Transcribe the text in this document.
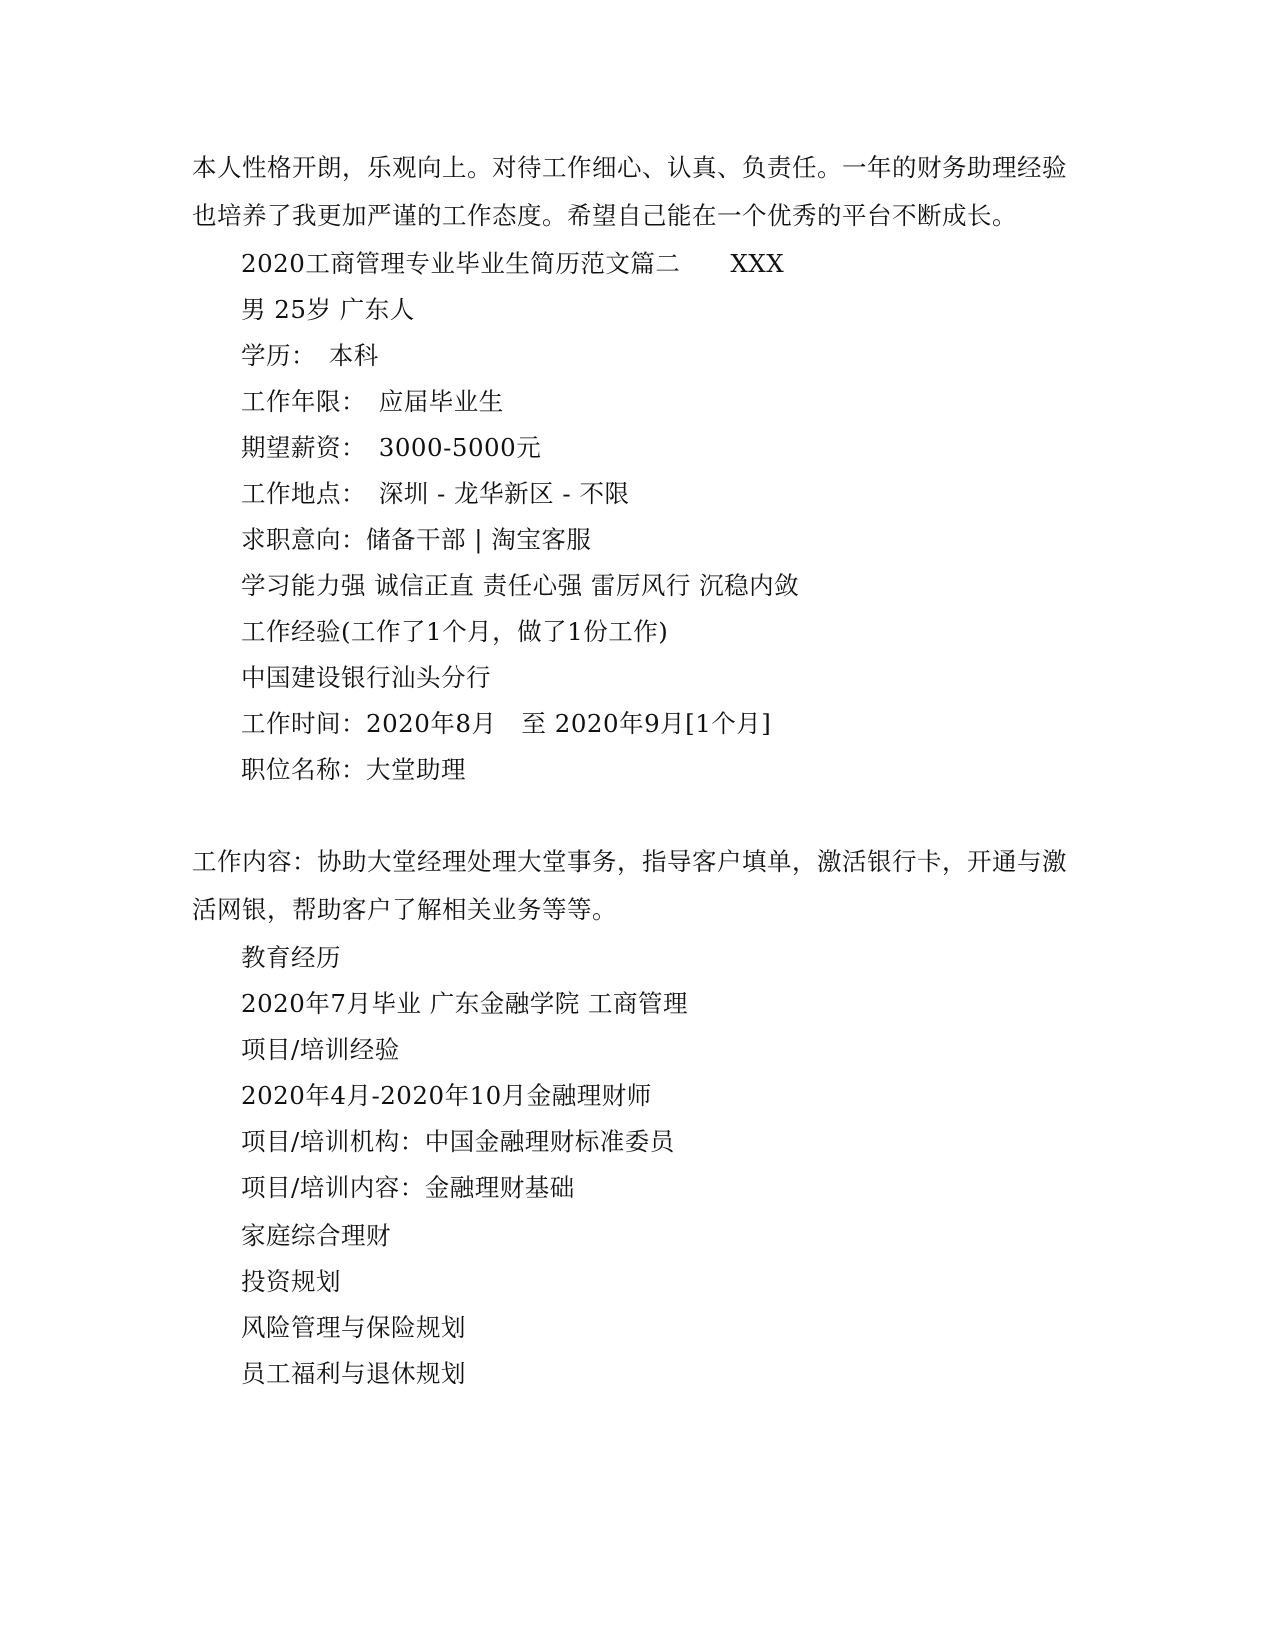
本人性格开朗，乐观向上。对待工作细心、认真、负责任。一年的财务助理经验
也培养了我更加严谨的工作态度。希望自己能在一个优秀的平台不断成长。
2020工商管理专业毕业生简历范文篇二　　XXX
男 25岁 广东人
学历：　本科
工作年限：　应届毕业生
期望薪资：　3000-5000元
工作地点：　深圳 - 龙华新区 - 不限
求职意向：储备干部 | 淘宝客服
学习能力强 诚信正直 责任心强 雷厉风行 沉稳内敛
工作经验(工作了1个月，做了1份工作)
中国建设银行汕头分行
工作时间：2020年8月　至 2020年9月[1个月]
职位名称：大堂助理
工作内容：协助大堂经理处理大堂事务，指导客户填单，激活银行卡，开通与激
活网银，帮助客户了解相关业务等等。
教育经历
2020年7月毕业 广东金融学院 工商管理
项目/培训经验
2020年4月-2020年10月金融理财师
项目/培训机构：中国金融理财标准委员
项目/培训内容：金融理财基础
家庭综合理财
投资规划
风险管理与保险规划
员工福利与退休规划
